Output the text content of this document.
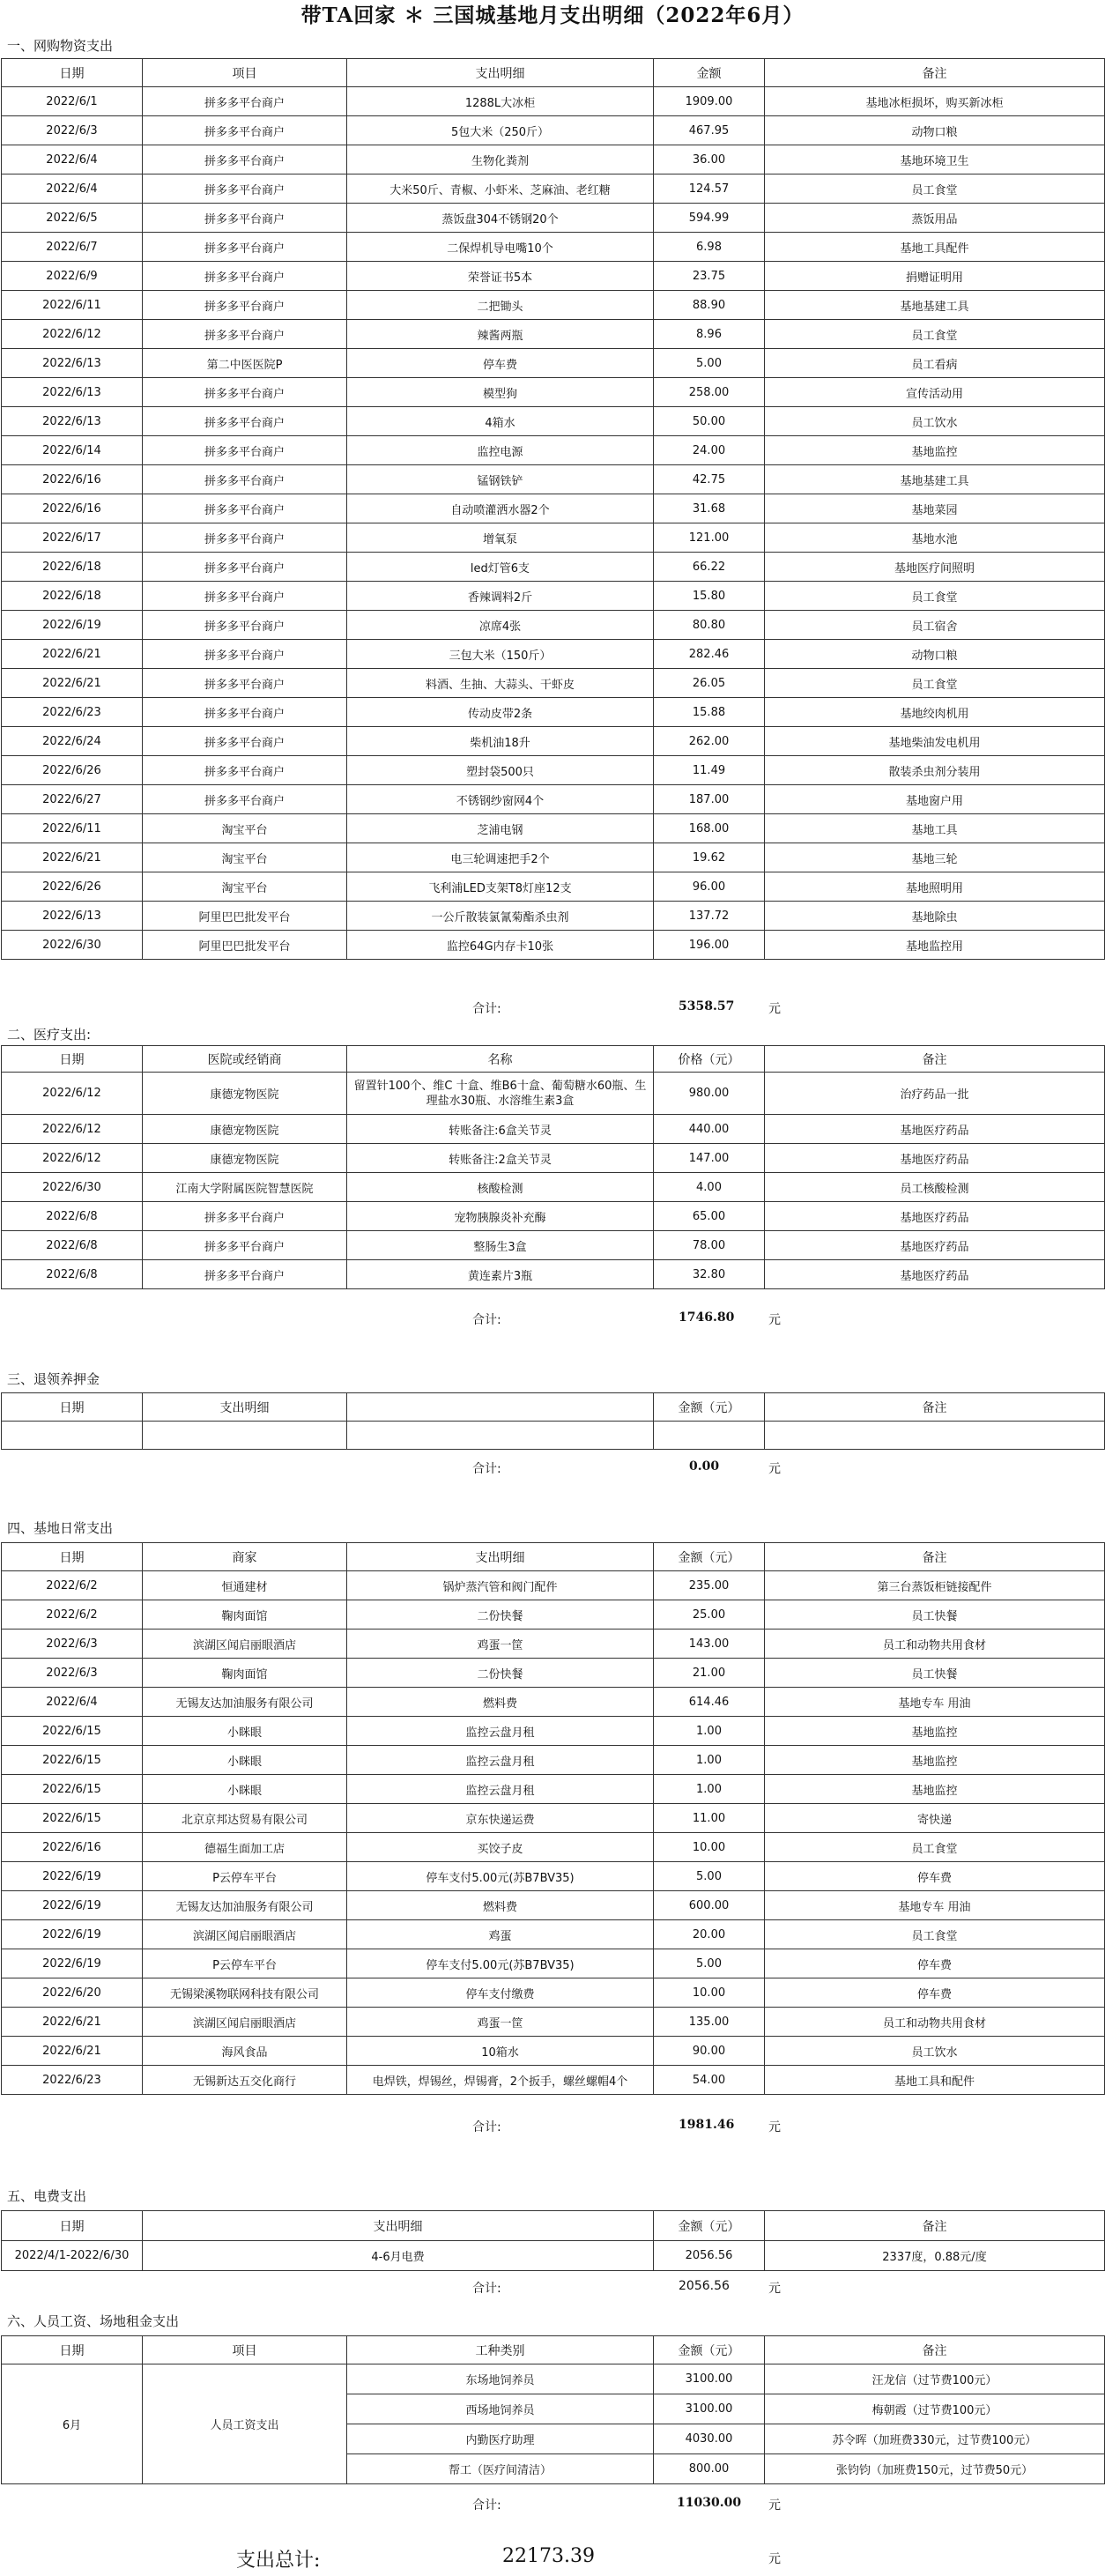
带TA回家 ＊ 三国城基地月支出明细（2022年6月）
一、网购物资支出
日期	项目	支出明细	金额	备注
2022/6/1	拼多多平台商户	1288L大冰柜	1909.00	基地冰柜损坏，购买新冰柜
2022/6/3	拼多多平台商户	5包大米（250斤）	467.95	动物口粮
2022/6/4	拼多多平台商户	生物化粪剂	36.00	基地环境卫生
2022/6/4	拼多多平台商户	大米50斤、青椒、小虾米、芝麻油、老红糖	124.57	员工食堂
2022/6/5	拼多多平台商户	蒸饭盘304不锈钢20个	594.99	蒸饭用品
2022/6/7	拼多多平台商户	二保焊机导电嘴10个	6.98	基地工具配件
2022/6/9	拼多多平台商户	荣誉证书5本	23.75	捐赠证明用
2022/6/11	拼多多平台商户	二把锄头	88.90	基地基建工具
2022/6/12	拼多多平台商户	辣酱两瓶	8.96	员工食堂
2022/6/13	第二中医医院P	停车费	5.00	员工看病
2022/6/13	拼多多平台商户	模型狗	258.00	宣传活动用
2022/6/13	拼多多平台商户	4箱水	50.00	员工饮水
2022/6/14	拼多多平台商户	监控电源	24.00	基地监控
2022/6/16	拼多多平台商户	锰钢铁铲	42.75	基地基建工具
2022/6/16	拼多多平台商户	自动喷灌洒水器2个	31.68	基地菜园
2022/6/17	拼多多平台商户	增氧泵	121.00	基地水池
2022/6/18	拼多多平台商户	led灯管6支	66.22	基地医疗间照明
2022/6/18	拼多多平台商户	香辣调料2斤	15.80	员工食堂
2022/6/19	拼多多平台商户	凉席4张	80.80	员工宿舍
2022/6/21	拼多多平台商户	三包大米（150斤）	282.46	动物口粮
2022/6/21	拼多多平台商户	料酒、生抽、大蒜头、干虾皮	26.05	员工食堂
2022/6/23	拼多多平台商户	传动皮带2条	15.88	基地绞肉机用
2022/6/24	拼多多平台商户	柴机油18升	262.00	基地柴油发电机用
2022/6/26	拼多多平台商户	塑封袋500只	11.49	散装杀虫剂分装用
2022/6/27	拼多多平台商户	不锈钢纱窗网4个	187.00	基地窗户用
2022/6/11	淘宝平台	芝浦电钢	168.00	基地工具
2022/6/21	淘宝平台	电三轮调速把手2个	19.62	基地三轮
2022/6/26	淘宝平台	飞利浦LED支架T8灯座12支	96.00	基地照明用
2022/6/13	阿里巴巴批发平台	一公斤散装氯氰菊酯杀虫剂	137.72	基地除虫
2022/6/30	阿里巴巴批发平台	监控64G内存卡10张	196.00	基地监控用
合计:	5358.57	元
二、医疗支出:
日期	医院或经销商	名称	价格（元）	备注
2022/6/12	康德宠物医院	留置针100个、维C 十盒、维B6十盒、葡萄糖水60瓶、生理盐水30瓶、水溶维生素3盒	980.00	治疗药品一批
2022/6/12	康德宠物医院	转账备注:6盒关节灵	440.00	基地医疗药品
2022/6/12	康德宠物医院	转账备注:2盒关节灵	147.00	基地医疗药品
2022/6/30	江南大学附属医院智慧医院	核酸检测	4.00	员工核酸检测
2022/6/8	拼多多平台商户	宠物胰腺炎补充酶	65.00	基地医疗药品
2022/6/8	拼多多平台商户	整肠生3盒	78.00	基地医疗药品
2022/6/8	拼多多平台商户	黄连素片3瓶	32.80	基地医疗药品
合计:	1746.80	元
三、退领养押金
日期	支出明细		金额（元）	备注

合计:	0.00	元
四、基地日常支出
日期	商家	支出明细	金额（元）	备注
2022/6/2	恒通建材	锅炉蒸汽管和阀门配件	235.00	第三台蒸饭柜链接配件
2022/6/2	鞠肉面馆	二份快餐	25.00	员工快餐
2022/6/3	滨湖区闻启丽眼酒店	鸡蛋一筐	143.00	员工和动物共用食材
2022/6/3	鞠肉面馆	二份快餐	21.00	员工快餐
2022/6/4	无锡友达加油服务有限公司	燃料费	614.46	基地专车 用油
2022/6/15	小眯眼	监控云盘月租	1.00	基地监控
2022/6/15	小眯眼	监控云盘月租	1.00	基地监控
2022/6/15	小眯眼	监控云盘月租	1.00	基地监控
2022/6/15	北京京邦达贸易有限公司	京东快递运费	11.00	寄快递
2022/6/16	德福生面加工店	买饺子皮	10.00	员工食堂
2022/6/19	P云停车平台	停车支付5.00元(苏B7BV35)	5.00	停车费
2022/6/19	无锡友达加油服务有限公司	燃料费	600.00	基地专车 用油
2022/6/19	滨湖区闻启丽眼酒店	鸡蛋	20.00	员工食堂
2022/6/19	P云停车平台	停车支付5.00元(苏B7BV35)	5.00	停车费
2022/6/20	无锡梁溪物联网科技有限公司	停车支付缴费	10.00	停车费
2022/6/21	滨湖区闻启丽眼酒店	鸡蛋一筐	135.00	员工和动物共用食材
2022/6/21	海风食品	10箱水	90.00	员工饮水
2022/6/23	无锡新达五交化商行	电焊铁，焊锡丝，焊锡膏，2个扳手，螺丝螺帽4个	54.00	基地工具和配件
合计:	1981.46	元
五、电费支出
日期	支出明细	金额（元）	备注
2022/4/1-2022/6/30	4-6月电费	2056.56	2337度，0.88元/度
合计:	2056.56	元
六、人员工资、场地租金支出
日期	项目	工种类别	金额（元）	备注
6月	人员工资支出	东场地饲养员	3100.00	汪龙信（过节费100元）
		西场地饲养员	3100.00	梅朝霞（过节费100元）
		内勤医疗助理	4030.00	苏令晖（加班费330元，过节费100元）
		帮工（医疗间清洁）	800.00	张钧钧（加班费150元，过节费50元）
合计:	11030.00 元
支出总计:	22173.39	元
